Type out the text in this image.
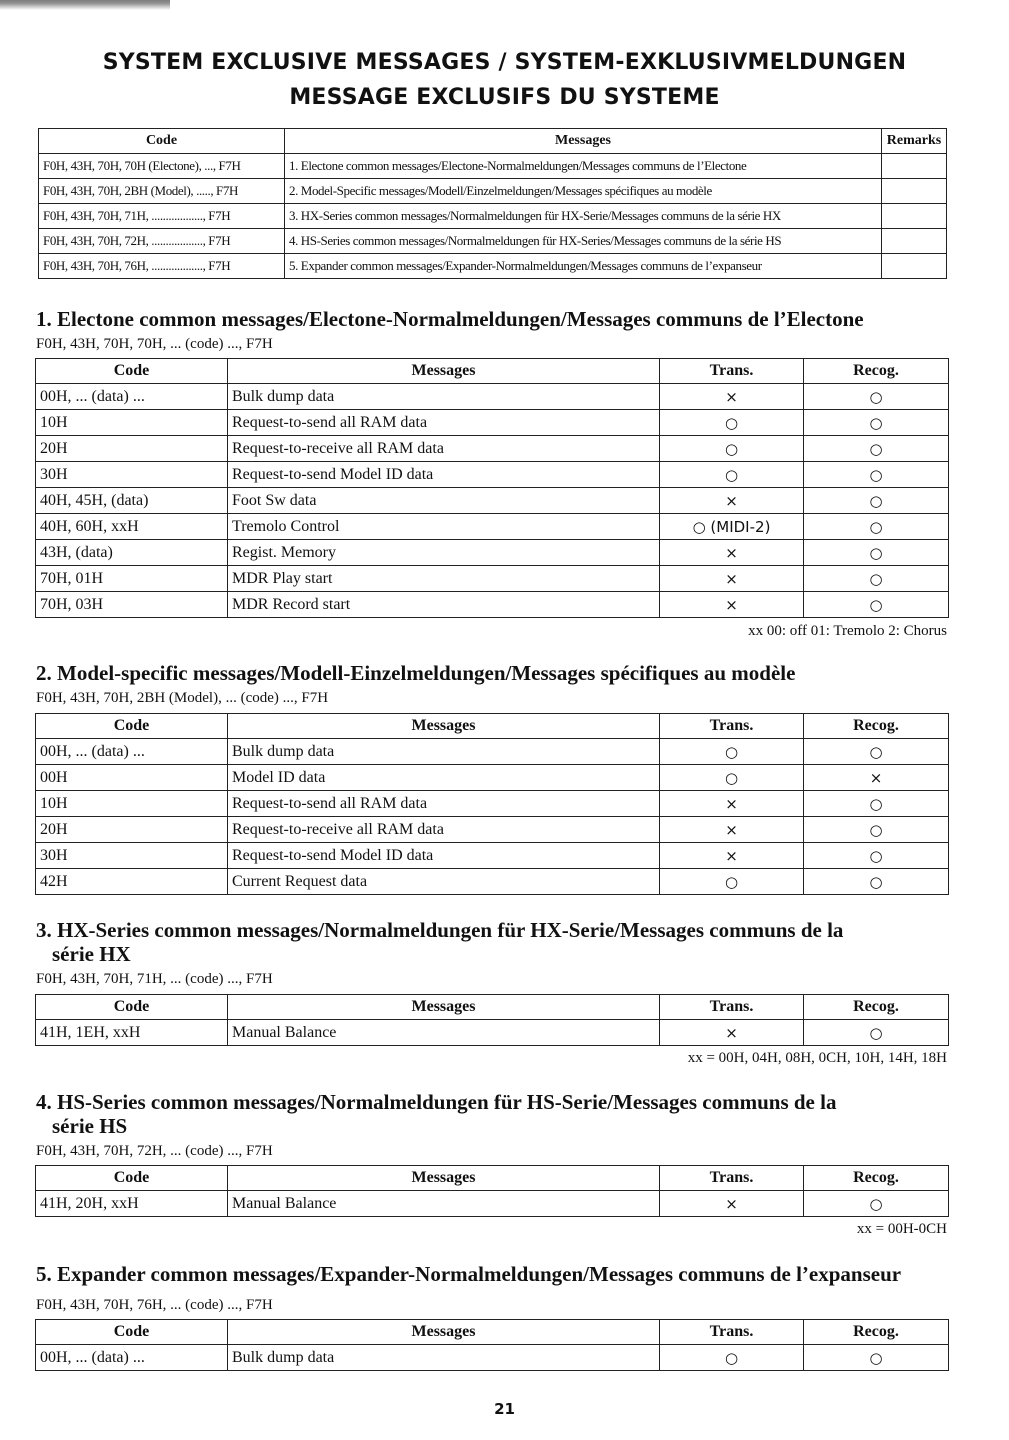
SYSTEM EXCLUSIVE MESSAGES / SYSTEM-EXKLUSIVMELDUNGEN
MESSAGE EXCLUSIFS DU SYSTEME
Code	Messages	Remarks
F0H, 43H, 70H, 70H (Electone), ..., F7H	1. Electone common messages/Electone-Normalmeldungen/Messages communs de l’Electone	
F0H, 43H, 70H, 2BH (Model), ....., F7H	2. Model-Specific messages/Modell/Einzelmeldungen/Messages spécifiques au modèle	
F0H, 43H, 70H, 71H, .................., F7H	3. HX-Series common messages/Normalmeldungen für HX-Serie/Messages communs de la série HX	
F0H, 43H, 70H, 72H, .................., F7H	4. HS-Series common messages/Normalmeldungen für HX-Series/Messages communs de la série HS	
F0H, 43H, 70H, 76H, .................., F7H	5. Expander common messages/Expander-Normalmeldungen/Messages communs de l’expanseur	
1. Electone common messages/Electone-Normalmeldungen/Messages communs de l’Electone

F0H, 43H, 70H, 70H, ... (code) ..., F7H

Code	Messages	Trans.	Recog.
00H, ... (data) ...	Bulk dump data	×	○
10H	Request-to-send all RAM data	○	○
20H	Request-to-receive all RAM data	○	○
30H	Request-to-send Model ID data	○	○
40H, 45H, (data)	Foot Sw data	×	○
40H, 60H, xxH	Tremolo Control	○ (MIDI-2)	○
43H, (data)	Regist. Memory	×	○
70H, 01H	MDR Play start	×	○
70H, 03H	MDR Record start	×	○

xx 00: off 01: Tremolo 2: Chorus

2. Model-specific messages/Modell-Einzelmeldungen/Messages spécifiques au modèle

F0H, 43H, 70H, 2BH (Model), ... (code) ..., F7H

Code	Messages	Trans.	Recog.
00H, ... (data) ...	Bulk dump data	○	○
00H	Model ID data	○	×
10H	Request-to-send all RAM data	×	○
20H	Request-to-receive all RAM data	×	○
30H	Request-to-send Model ID data	×	○
42H	Current Request data	○	○
3. HX-Series common messages/Normalmeldungen für HX-Serie/Messages communs de la
série HX

F0H, 43H, 70H, 71H, ... (code) ..., F7H

Code	Messages	Trans.	Recog.
41H, 1EH, xxH	Manual Balance	×	○

xx = 00H, 04H, 08H, 0CH, 10H, 14H, 18H

4. HS-Series common messages/Normalmeldungen für HS-Serie/Messages communs de la
série HS

F0H, 43H, 70H, 72H, ... (code) ..., F7H

Code	Messages	Trans.	Recog.
41H, 20H, xxH	Manual Balance	×	○

xx = 00H-0CH

5. Expander common messages/Expander-Normalmeldungen/Messages communs de l’expanseur

F0H, 43H, 70H, 76H, ... (code) ..., F7H

Code	Messages	Trans.	Recog.
00H, ... (data) ...	Bulk dump data	○	○
21
